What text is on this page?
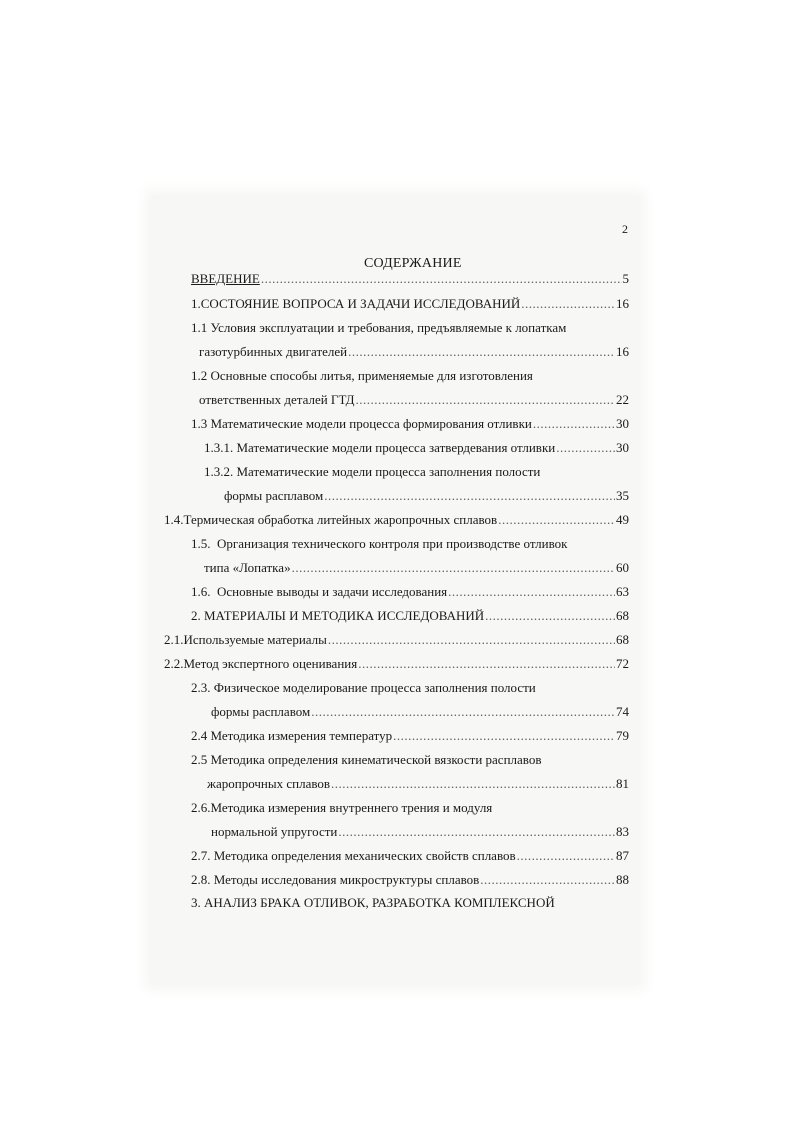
2
СОДЕРЖАНИЕ
ВВЕДЕНИЕ .....	5
1.СОСТОЯНИЕ ВОПРОСА И ЗАДАЧИ ИССЛЕДОВАНИЙ .....	16
1.1 Условия эксплуатации и требования, предъявляемые к лопаткам
газотурбинных двигателей .....	16
1.2 Основные способы литья, применяемые для изготовления
ответственных деталей ГТД .....	22
1.3 Математические модели процесса формирования отливки .....	30
1.3.1. Математические модели процесса затвердевания отливки .....	30
1.3.2. Математические модели процесса заполнения полости
формы расплавом .....	35
1.4.Термическая обработка литейных жаропрочных сплавов .....	49
1.5.  Организация технического контроля при производстве отливок
типа «Лопатка» .....	60
1.6.  Основные выводы и задачи исследования .....	63
2. МАТЕРИАЛЫ И МЕТОДИКА ИССЛЕДОВАНИЙ .....	68
2.1.Используемые материалы .....	68
2.2.Метод экспертного оценивания .....	72
2.3. Физическое моделирование процесса заполнения полости
формы расплавом .....	74
2.4 Методика измерения температур .....	79
2.5 Методика определения кинематической вязкости расплавов
жаропрочных сплавов .....	81
2.6.Методика измерения внутреннего трения и модуля
нормальной упругости .....	83
2.7. Методика определения механических свойств сплавов .....	87
2.8. Методы исследования микроструктуры сплавов .....	88
3. АНАЛИЗ БРАКА ОТЛИВОК, РАЗРАБОТКА КОМПЛЕКСНОЙ
